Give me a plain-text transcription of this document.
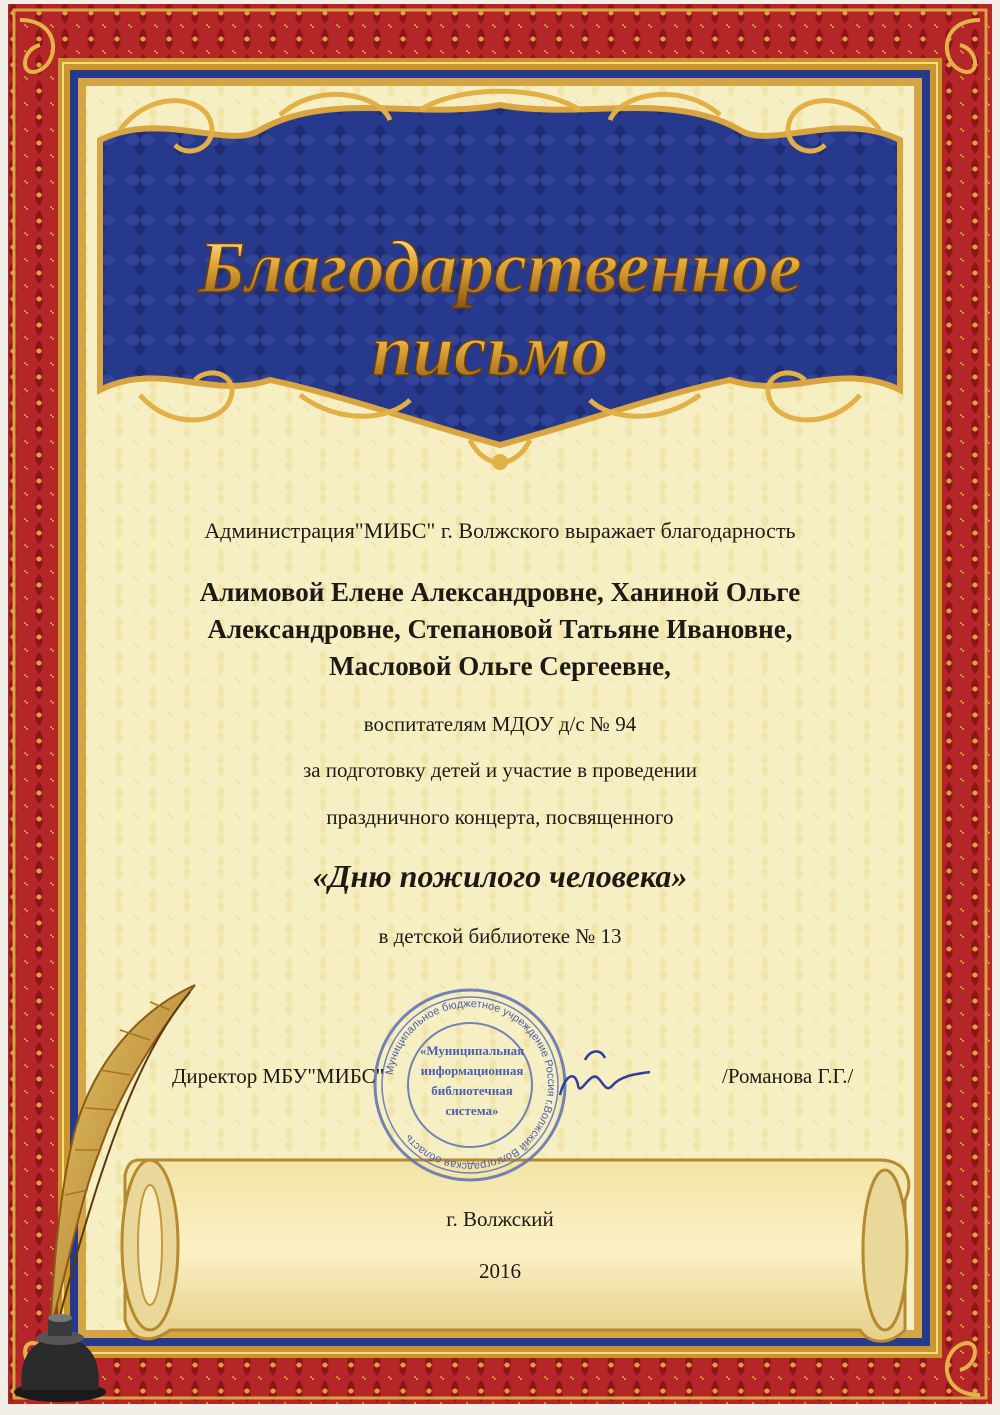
Благодарственное
письмо
Муниципальное бюджетное учреждение Россия г.Волжский Волгоградская область
«Муниципальная
информационная
библиотечная
система»
Администрация"МИБС" г. Волжского выражает благодарность
Алимовой Елене Александровне, Ханиной Ольге
Александровне, Степановой Татьяне Ивановне,
Масловой Ольге Сергеевне,
воспитателям МДОУ д/с № 94
за подготовку детей и участие в проведении
праздничного концерта, посвященного
«Дню пожилого человека»
в детской библиотеке № 13
Директор МБУ"МИБС"	/Романова Г.Г./
г. Волжский
2016
